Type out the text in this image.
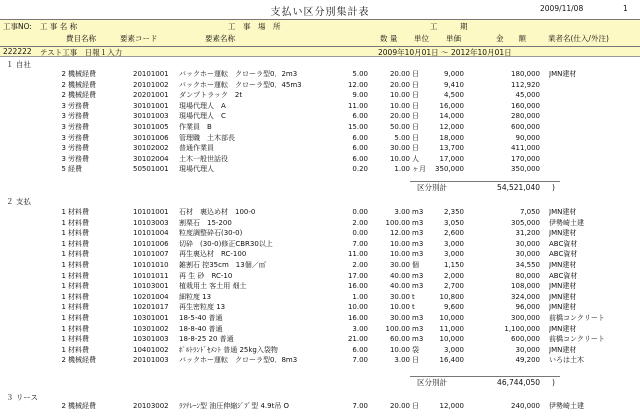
支払い区分別集計表	2009/11/08	1
工事NO: 工 事 名 称	工　事　場　所	工　　　期
費目名称	要素コード	要素名称	数 量 単位 単価	金　　額	業者名(仕入/外注)
222222 テスト工事　日報１入力	2009年10月01日 ～ 2012年10月01日
１ 自社
2 機械経費	20101001 バックホー運転　クローラ型0．2m3	5.00	20.00 日	9,000	180,000 JMN建材
2 機械経費	20101002 バックホー運転　クローラ型0．45m3	12.00	20.00 日	9,410	112,920
2 機械経費	20201001 ダンプトラック　2t	9.00	10.00 日	4,500	45,000
3 労務費	30101001 現場代理人　A	11.00	10.00 日	16,000	160,000
3 労務費	30101003 現場代理人　C	6.00	20.00 日	14,000	280,000
3 労務費	30101005 作業員　B	15.00	50.00 日	12,000	600,000
3 労務費	30101006 管理職　土木部長	6.00	5.00 日	18,000	90,000
3 労務費	30102002 普通作業員	6.00	30.00 日	13,700	411,000
3 労務費	30102004 土木一般世話役	6.00	10.00 人	17,000	170,000
5 経費	50501001 現場代理人	0.20	1.00 ヶ月	350,000	350,000
区分別計	54,521,040 )
２ 支払
1 材料費	10101001 石材　裏込め材　100-0	0.00	3.00 m3	2,350	7,050 JMN建材
1 材料費	10103003 割栗石　15-200	2.00	100.00 m3	3,050	305,000 伊勢崎土建
1 材料費	10101004 粒度調整砕石(30-0)	0.00	12.00 m3	2,600	31,200 JMN建材
1 材料費	10101006 切砕　(30-0)修正CBR30以上	7.00	10.00 m3	3,000	30,000 ABC資材
1 材料費	10101007 再生裏込材　RC-100	11.00	10.00 m3	3,000	30,000 ABC資材
1 材料費	10101010 雑割石 控35cm　13個／㎡	2.00	30.00 個	1,150	34,550 JMN建材
1 材料費	10101011 再 生 砂　RC-10	17.00	40.00 m3	2,000	80,000 ABC資材
1 材料費	10103001 植栽用土 客土用 畑土	16.00	40.00 m3	2,700	108,000 JMN建材
1 材料費	10201004 細粒度 13	1.00	30.00 t	10,800	324,000 JMN建材
1 材料費	10201017 再生密粒度 13	10.00	10.00 t	9,600	96,000 JMN建材
1 材料費	10301001 18-5-40 普通	16.00	30.00 m3	10,000	300,000 前橋コンクリート
1 材料費	10301002 18-8-40 普通	3.00	100.00 m3	11,000	1,100,000 JMN建材
1 材料費	10301003 18-8-25 20 普通	21.00	60.00 m3	10,000	600,000 前橋コンクリート
1 材料費	10401002 ﾎﾟﾙﾄﾗﾝﾄﾞｾﾒﾝﾄ 普通 25kg入袋物	6.00	10.00 袋	3,000	30,000 JMN建材
2 機械経費	20101003 バックホー運転　クローラ型0．8m3	7.00	3.00 日	16,400	49,200 いろは土木
区分別計	46,744,050 )
３ リース
2 機械経費	20103002 ﾗﾌﾃﾚｰﾝ型 油圧伸縮ｼﾞﾌﾞ型 4.9t吊 O	7.00	20.00 日	12,000	240,000 伊勢崎土建
